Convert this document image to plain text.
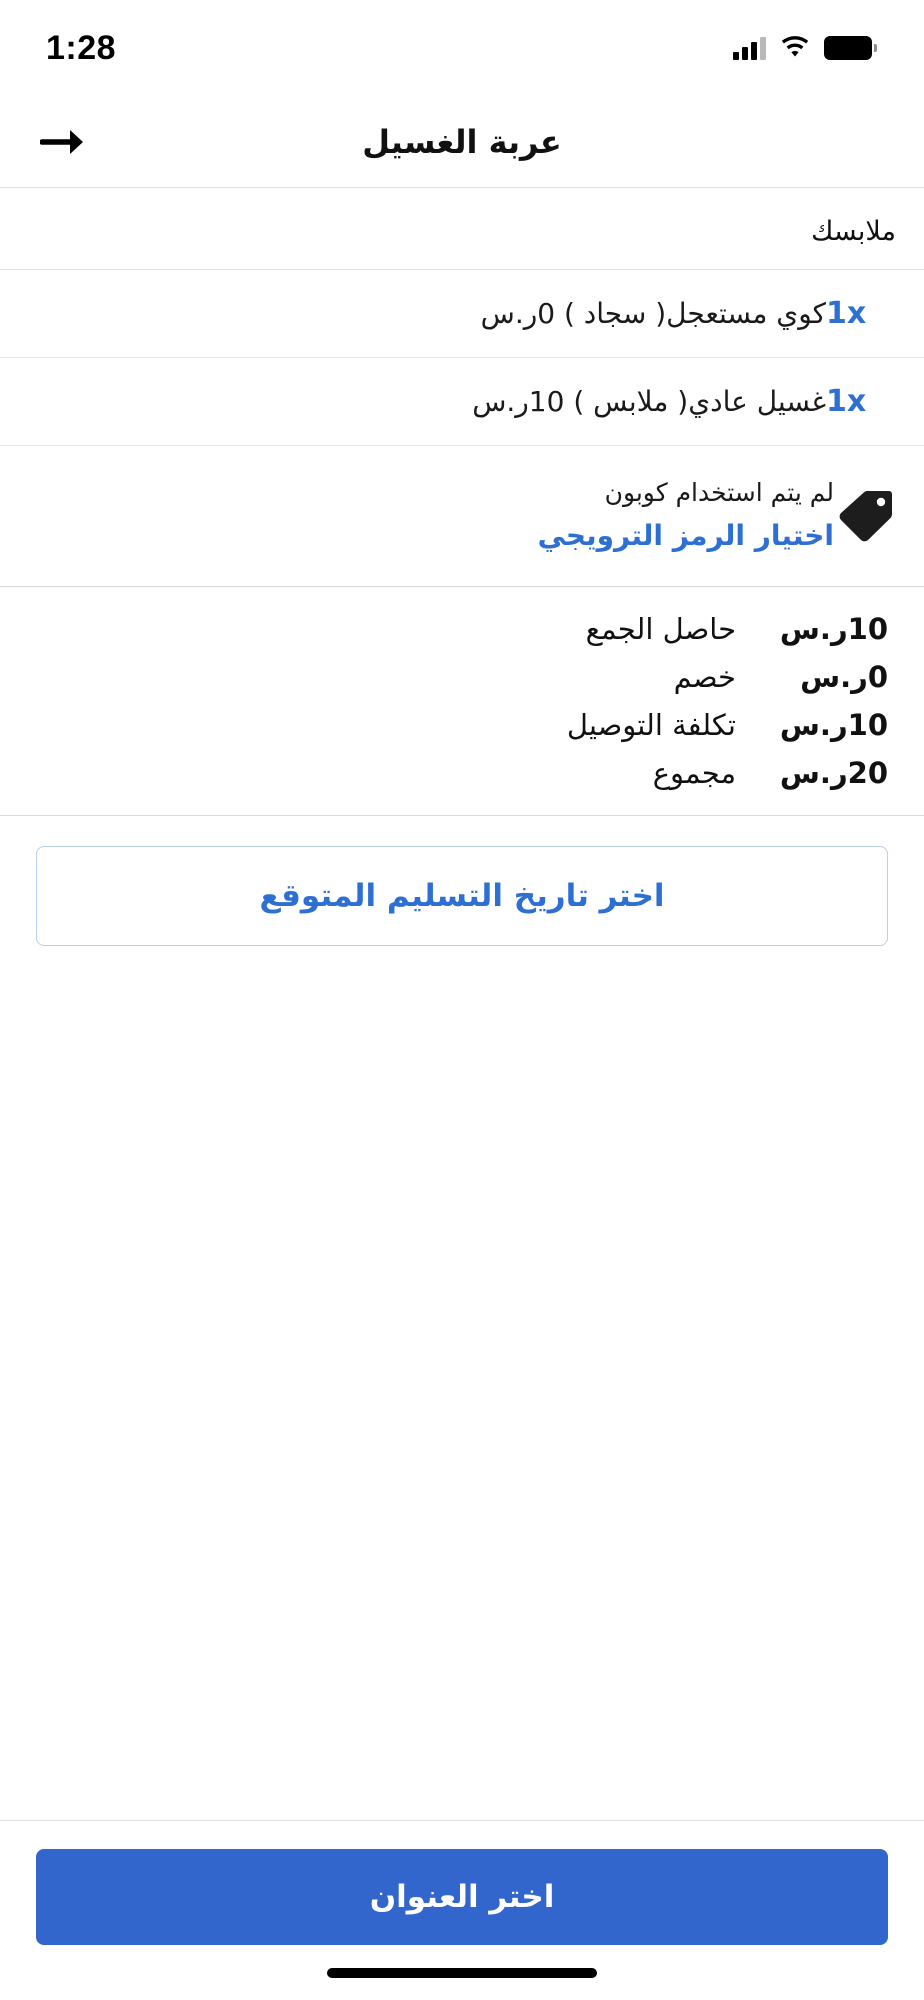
1:28
عربة الغسيل
ملابسك
1x
كوي مستعجل( سجاد ) 0ر.س
1x
غسيل عادي( ملابس ) 10ر.س
لم يتم استخدام كوبون
اختيار الرمز الترويجي
10ر.س
حاصل الجمع
0ر.س
خصم
10ر.س
تكلفة التوصيل
20ر.س
مجموع
اختر تاريخ التسليم المتوقع
اختر العنوان
